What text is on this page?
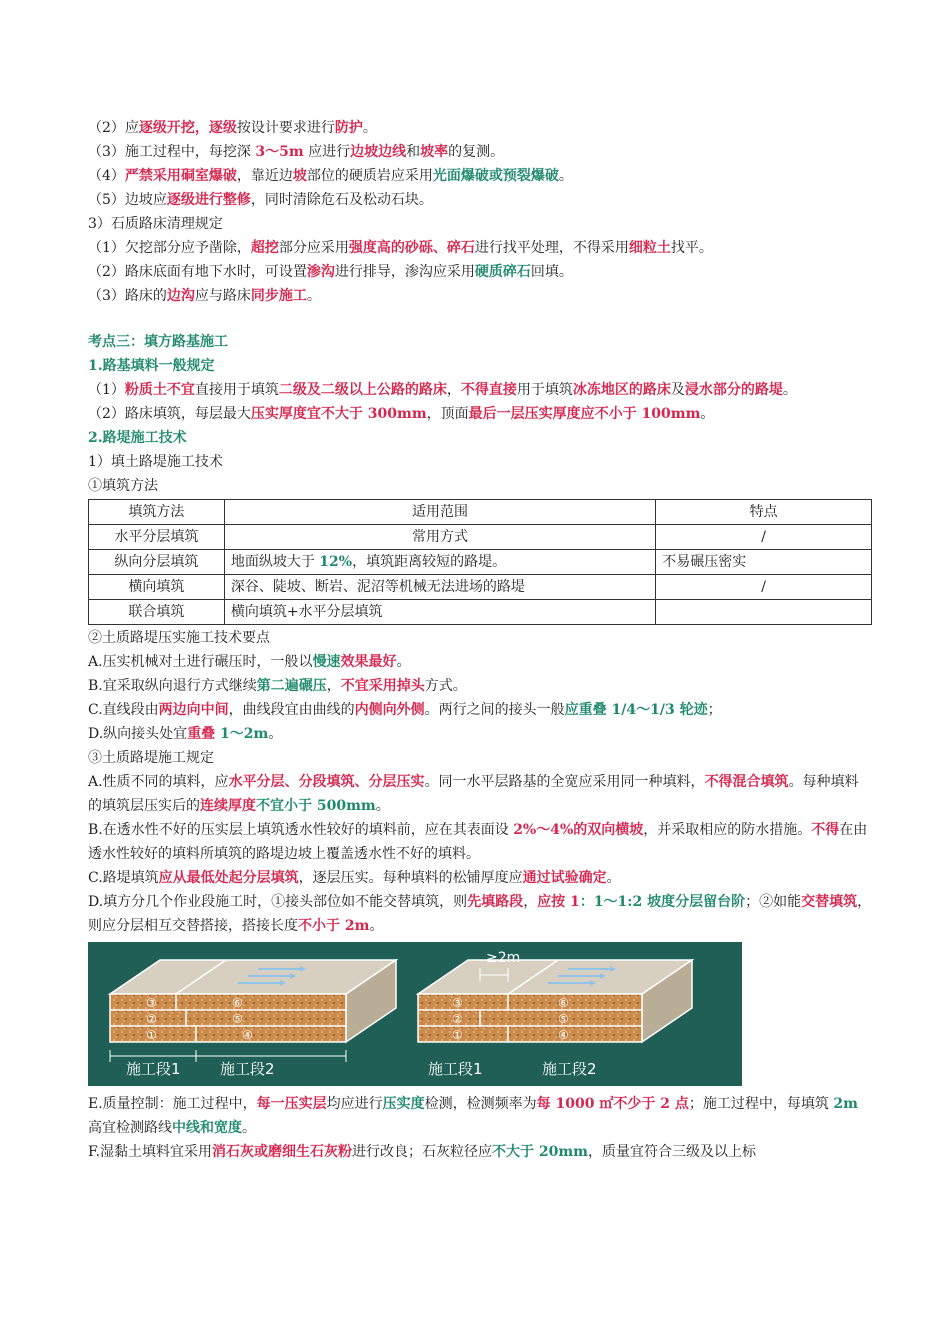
（2）应逐级开挖，逐级按设计要求进行防护。
（3）施工过程中，每挖深 3～5m 应进行边坡边线和坡率的复测。
（4）严禁采用硐室爆破，靠近边坡部位的硬质岩应采用光面爆破或预裂爆破。
（5）边坡应逐级进行整修，同时清除危石及松动石块。
3）石质路床清理规定
（1）欠挖部分应予凿除，超挖部分应采用强度高的砂砾、碎石进行找平处理，不得采用细粒土找平。
（2）路床底面有地下水时，可设置渗沟进行排导，渗沟应采用硬质碎石回填。
（3）路床的边沟应与路床同步施工。
考点三：填方路基施工
1.路基填料一般规定
（1）粉质土不宜直接用于填筑二级及二级以上公路的路床，不得直接用于填筑冰冻地区的路床及浸水部分的路堤。
（2）路床填筑，每层最大压实厚度宜不大于 300mm，顶面最后一层压实厚度应不小于 100mm。
2.路堤施工技术
1）填土路堤施工技术
①填筑方法
填筑方法	适用范围	特点
水平分层填筑	常用方式	/
纵向分层填筑	地面纵坡大于 12%，填筑距离较短的路堤。	不易碾压密实
横向填筑	深谷、陡坡、断岩、泥沼等机械无法进场的路堤	/
联合填筑	横向填筑+水平分层填筑	
②土质路堤压实施工技术要点
A.压实机械对土进行碾压时，一般以慢速效果最好。
B.宜采取纵向退行方式继续第二遍碾压，不宜采用掉头方式。
C.直线段由两边向中间，曲线段宜由曲线的内侧向外侧。两行之间的接头一般应重叠 1/4～1/3 轮迹；
D.纵向接头处宜重叠 1～2m。
③土质路堤施工规定
A.性质不同的填料，应水平分层、分段填筑、分层压实。同一水平层路基的全宽应采用同一种填料，不得混合填筑。每种填料的填筑层压实后的连续厚度不宜小于 500mm。
B.在透水性不好的压实层上填筑透水性较好的填料前，应在其表面设 2%～4%的双向横坡，并采取相应的防水措施。不得在由透水性较好的填料所填筑的路堤边坡上覆盖透水性不好的填料。
C.路堤填筑应从最低处起分层填筑，逐层压实。每种填料的松铺厚度应通过试验确定。
D.填方分几个作业段施工时，①接头部位如不能交替填筑，则先填路段，应按 1：1～1:2 坡度分层留台阶；②如能交替填筑，则应分层相互交替搭接，搭接长度不小于 2m。
③
②
①
⑥
⑤
④
施工段1	施工段2
≥2m
③
②
①
⑥
⑤
④
施工段1	施工段2
E.质量控制：施工过程中，每一压实层均应进行压实度检测，检测频率为每 1000 ㎡不少于 2 点；施工过程中，每填筑 2m 高宜检测路线中线和宽度。
F.湿黏土填料宜采用消石灰或磨细生石灰粉进行改良；石灰粒径应不大于 20mm，质量宜符合三级及以上标
